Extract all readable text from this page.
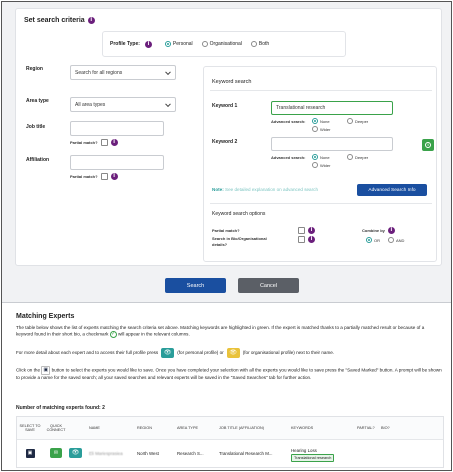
Set search criteria	i
Profile Type:	i	Personal	Organisational	Both
Region
Search for all regions
Area type
All area types
Job title
Partial match?	i
Affiliation
Partial match?	i
Keyword search
Keyword 1	Translational research
Advanced search:	None	Deeper
Wider
Keyword 2
Advanced search:	None	Deeper
Wider
i
Note: See detailed explanation on advanced search	Advanced Search Info
Keyword search options
Partial match?	i
Search in Bio/Organisational details?
i
Combine by	i
OR	AND
Search	Cancel
Matching Experts
The table below shows the list of experts matching the search criteria set above. Matching keywords are highlighted in green. If the expert is matched thanks to a partially matched result or because of a keyword found in their short bio, a checkmark ✓ will appear in the relevant columns.
For more detail about each expert and to access their full profile press 👁	(for personal profile) or 👁	(for organisational profile) next to their name.
Click on the ▣ button to select the experts you would like to save. Once you have completed your selection with all the experts you would like to save press the "Saved Marked" button. A prompt will be shown to provide a name for the saved search; all your saved searches and relevant experts will be saved in the "Saved Searches" tab for further action.
Number of matching experts found: 2
SELECT TO SAVE	QUICK CONNECT		NAME	REGION	AREA TYPE	JOB TITLE (AFFILIATION)	KEYWORDS	PARTIAL?	BIO?
▣	✉	👁	Eli Mariesprasiea	North West	Research S...	Translational Research M...	Hearing Loss
Translational research		
